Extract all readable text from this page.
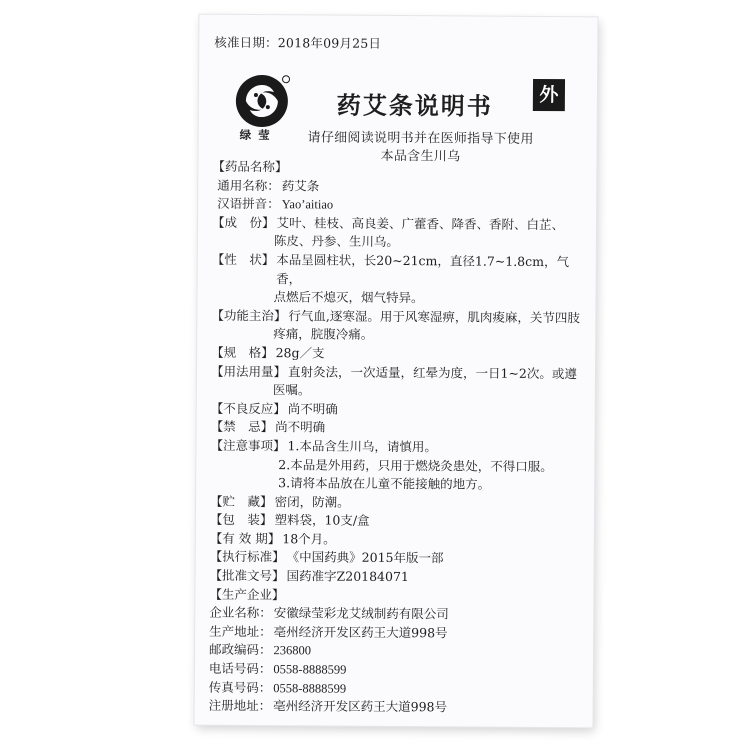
核准日期：2018年09月25日
绿莹
药艾条说明书	外
请仔细阅读说明书并在医师指导下使用
本品含生川乌
【药品名称】
通用名称： 药艾条
汉语拼音： Yao’aitiao
【成　份】 艾叶、桂枝、高良姜、广藿香、降香、香附、白芷、
陈皮、丹参、生川乌。
【性　状】 本品呈圆柱状，长20~21cm，直径1.7~1.8cm，气香，
点燃后不熄灭，烟气特异。
【功能主治】 行气血,逐寒湿。用于风寒湿痹，肌肉痠麻，关节四肢
疼痛，脘腹冷痛。
【规　格】 28g／支
【用法用量】 直射灸法，一次适量，红晕为度，一日1~2次。或遵
医嘱。
【不良反应】 尚不明确
【禁　忌】 尚不明确
【注意事项】 1.本品含生川乌，请慎用。
2.本品是外用药，只用于燃烧灸患处，不得口服。
3.请将本品放在儿童不能接触的地方。
【贮　藏】 密闭，防潮。
【包　装】 塑料袋，10支/盒
【有 效 期】 18个月。
【执行标准】 《中国药典》2015年版一部
【批准文号】 国药准字Z20184071
【生产企业】
企业名称： 安徽绿莹彩龙艾绒制药有限公司
生产地址： 亳州经济开发区药王大道998号
邮政编码： 236800
电话号码： 0558-8888599
传真号码： 0558-8888599
注册地址： 亳州经济开发区药王大道998号
